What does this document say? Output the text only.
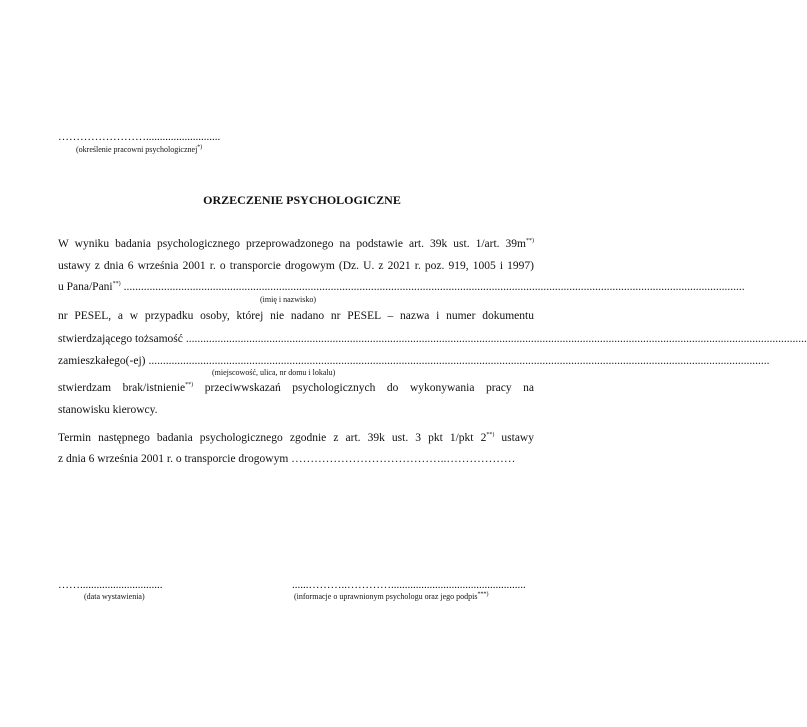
……………………...........................
(określenie pracowni psychologicznej*)
ORZECZENIE PSYCHOLOGICZNE
W wyniku badania psychologicznego przeprowadzonego na podstawie art. 39k ust. 1/art. 39m**)
ustawy z dnia 6 września 2001 r. o transporcie drogowym (Dz. U. z 2021 r. poz. 919, 1005 i 1997)
u Pana/Pani**) ........................................................................................................................................................................................................................
(imię i nazwisko)
nr PESEL, a w przypadku osoby, której nie nadano nr PESEL – nazwa i numer dokumentu
stwierdzającego tożsamość ........................................................................................................................................................................................................................
zamieszkałego(-ej) ........................................................................................................................................................................................................................
(miejscowość, ulica, nr domu i lokalu)
stwierdzam brak/istnienie**) przeciwwskazań psychologicznych do wykonywania pracy na
stanowisku kierowcy.
Termin następnego badania psychologicznego zgodnie z art. 39k ust. 3 pkt 1/pkt 2**) ustawy
z dnia 6 września 2001 r. o transporcie drogowym …………………………………..………………
……..............................
(data wystawienia)
......………..………….................................................
(informacje o uprawnionym psychologu oraz jego podpis***)
